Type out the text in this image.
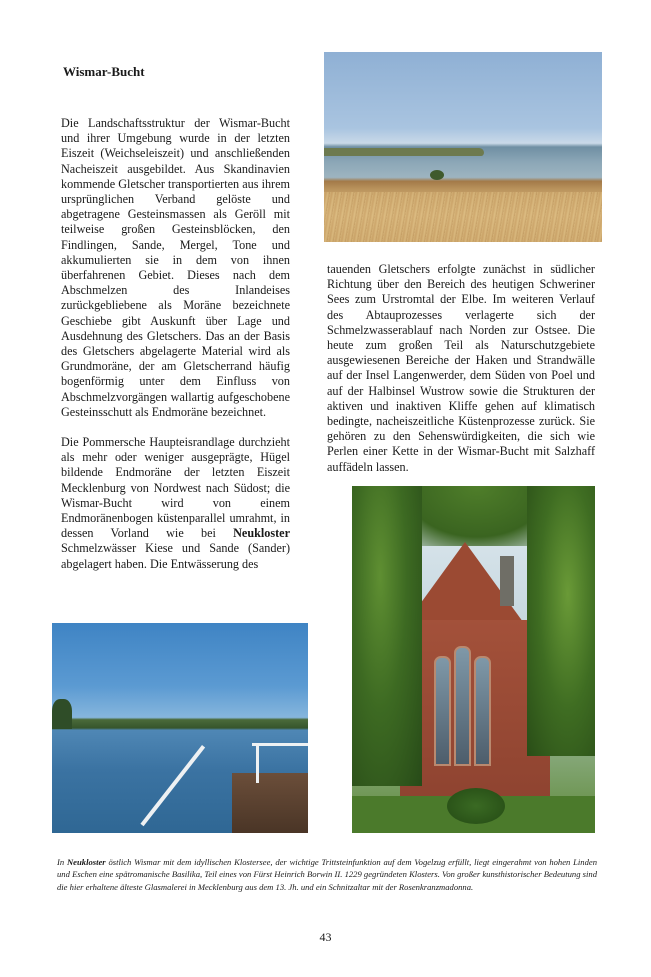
Wismar-Bucht

Die Landschaftsstruktur der Wismar-Bucht und ihrer Umgebung wurde in der letzten Eiszeit (Weichseleiszeit) und anschließenden Nacheiszeit ausgebildet. Aus Skandinavien kommende Gletscher transportierten aus ihrem ursprünglichen Verband gelöste und abgetragene Gesteinsmassen als Geröll mit teilweise großen Gesteinsblöcken, den Findlingen, Sande, Mergel, Tone und akkumulierten sie in dem von ihnen überfahrenen Gebiet. Dieses nach dem Abschmelzen des Inlandeises zurückgebliebene als Moräne bezeichnete Geschiebe gibt Auskunft über Lage und Ausdehnung des Gletschers. Das an der Basis des Gletschers abgelagerte Material wird als Grundmoräne, der am Gletscherrand häufig bogenförmig unter dem Einfluss von Abschmelzvorgängen wallartig aufgeschobene Gesteinsschutt als Endmoräne bezeichnet.

Die Pommersche Haupteisrandlage durchzieht als mehr oder weniger ausgeprägte, Hügel bildende Endmoräne der letzten Eiszeit Mecklenburg von Nordwest nach Südost; die Wismar-Bucht wird von einem Endmoränenbogen küstenparallel umrahmt, in dessen Vorland wie bei Neukloster Schmelzwässer Kiese und Sande (Sander) abgelagert haben. Die Entwässerung des

tauenden Gletschers erfolgte zunächst in südlicher Richtung über den Bereich des heutigen Schweriner Sees zum Urstromtal der Elbe. Im weiteren Verlauf des Abtauprozesses verlagerte sich der Schmelzwasserablauf nach Norden zur Ostsee. Die heute zum großen Teil als Naturschutzgebiete ausgewiesenen Bereiche der Haken und Strandwälle auf der Insel Langenwerder, dem Süden von Poel und auf der Halbinsel Wustrow sowie die Strukturen der aktiven und inaktiven Kliffe gehen auf klimatisch bedingte, nacheiszeitliche Küstenprozesse zurück. Sie gehören zu den Sehenswürdigkeiten, die sich wie Perlen einer Kette in der Wismar-Bucht mit Salzhaff auffädeln lassen.

In Neukloster östlich Wismar mit dem idyllischen Klostersee, der wichtige Trittsteinfunktion auf dem Vogelzug erfüllt, liegt eingerahmt von hohen Linden und Eschen eine spätromanische Basilika, Teil eines von Fürst Heinrich Borwin II. 1229 gegründeten Klosters. Von großer kunsthistorischer Bedeutung sind die hier erhaltene älteste Glasmalerei in Mecklenburg aus dem 13. Jh. und ein Schnitzaltar mit der Rosenkranzmadonna.
43
